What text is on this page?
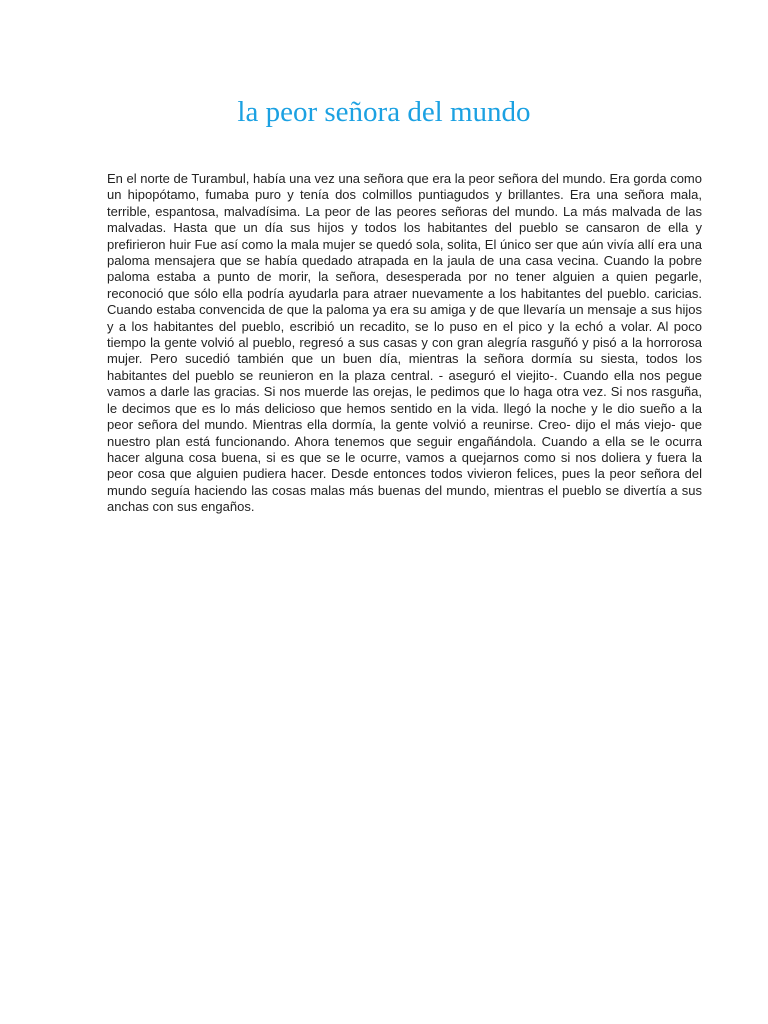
la peor señora del mundo

En el norte de Turambul, había una vez una señora que era la peor señora del mundo. Era gorda como un hipopótamo, fumaba puro y tenía dos colmillos puntiagudos y brillantes. Era una señora mala, terrible, espantosa, malvadísima. La peor de las peores señoras del mundo. La más malvada de las malvadas. Hasta que un día sus hijos y todos los habitantes del pueblo se cansaron de ella y prefirieron huir Fue así como la mala mujer se quedó sola, solita, El único ser que aún vivía allí era una paloma mensajera que se había quedado atrapada en la jaula de una casa vecina. Cuando la pobre paloma estaba a punto de morir, la señora, desesperada por no tener alguien a quien pegarle, reconoció que sólo ella podría ayudarla para atraer nuevamente a los habitantes del pueblo. caricias. Cuando estaba convencida de que la paloma ya era su amiga y de que llevaría un mensaje a sus hijos y a los habitantes del pueblo, escribió un recadito, se lo puso en el pico y la echó a volar. Al poco tiempo la gente volvió al pueblo, regresó a sus casas y con gran alegría rasguñó y pisó a la horrorosa mujer. Pero sucedió también que un buen día, mientras la señora dormía su siesta, todos los habitantes del pueblo se reunieron en la plaza central. - aseguró el viejito-. Cuando ella nos pegue vamos a darle las gracias. Si nos muerde las orejas, le pedimos que lo haga otra vez. Si nos rasguña, le decimos que es lo más delicioso que hemos sentido en la vida. llegó la noche y le dio sueño a la peor señora del mundo. Mientras ella dormía, la gente volvió a reunirse. Creo- dijo el más viejo- que nuestro plan está funcionando. Ahora tenemos que seguir engañándola. Cuando a ella se le ocurra hacer alguna cosa buena, si es que se le ocurre, vamos a quejarnos como si nos doliera y fuera la peor cosa que alguien pudiera hacer. Desde entonces todos vivieron felices, pues la peor señora del mundo seguía haciendo las cosas malas más buenas del mundo, mientras el pueblo se divertía a sus anchas con sus engaños.
